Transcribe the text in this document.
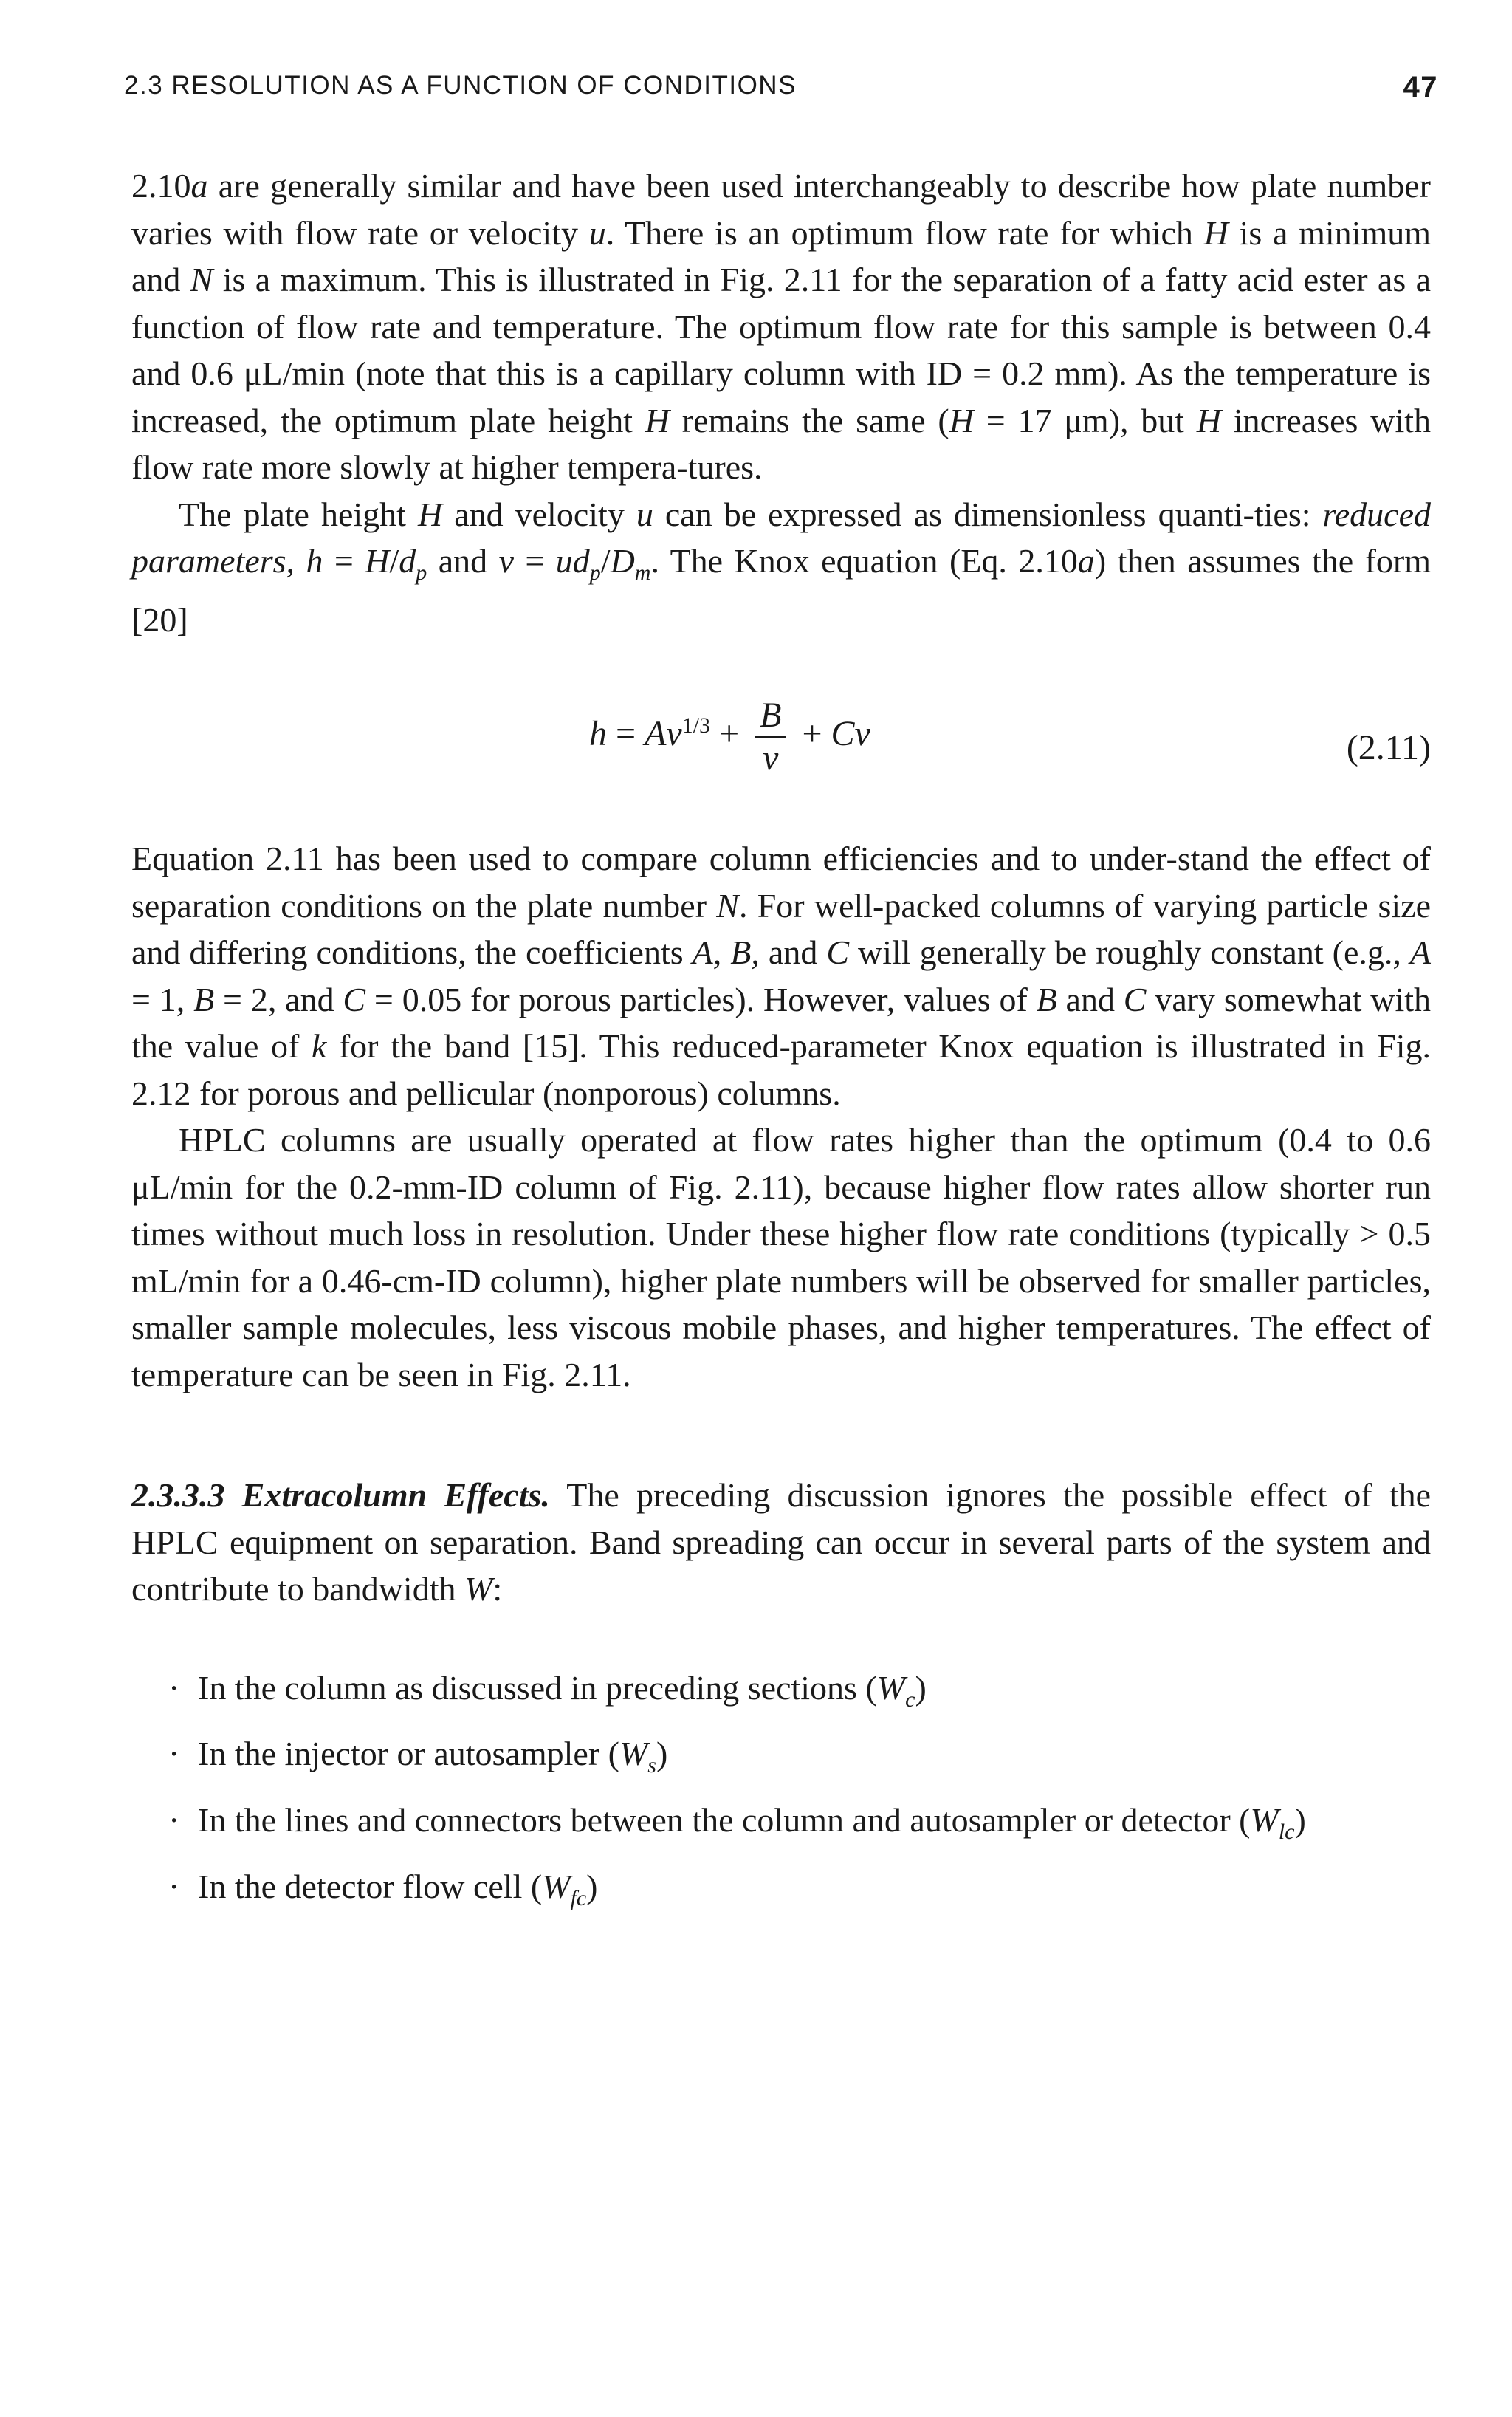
2.3 RESOLUTION AS A FUNCTION OF CONDITIONS	47

2.10a are generally similar and have been used interchangeably to describe how plate number varies with flow rate or velocity u. There is an optimum flow rate for which H is a minimum and N is a maximum. This is illustrated in Fig. 2.11 for the separation of a fatty acid ester as a function of flow rate and temperature. The optimum flow rate for this sample is between 0.4 and 0.6 μL/min (note that this is a capillary column with ID = 0.2 mm). As the temperature is increased, the optimum plate height H remains the same (H = 17 μm), but H increases with flow rate more slowly at higher tempera-tures.

The plate height H and velocity u can be expressed as dimensionless quanti-ties: reduced parameters, $h = H/d_p$ and $\nu = ud_p/D_m$. The Knox equation (Eq. 2.10a) then assumes the form [20]

$h = A\nu^{1/3} + \frac{B}{\nu} + C\nu$	(2.11)

Equation 2.11 has been used to compare column efficiencies and to under-stand the effect of separation conditions on the plate number N. For well-packed columns of varying particle size and differing conditions, the coefficients A, B, and C will generally be roughly constant (e.g., A = 1, B = 2, and C = 0.05 for porous particles). However, values of B and C vary somewhat with the value of k for the band [15]. This reduced-parameter Knox equation is illustrated in Fig. 2.12 for porous and pellicular (nonporous) columns.

HPLC columns are usually operated at flow rates higher than the optimum (0.4 to 0.6 μL/min for the 0.2-mm-ID column of Fig. 2.11), because higher flow rates allow shorter run times without much loss in resolution. Under these higher flow rate conditions (typically > 0.5 mL/min for a 0.46-cm-ID column), higher plate numbers will be observed for smaller particles, smaller sample molecules, less viscous mobile phases, and higher temperatures. The effect of temperature can be seen in Fig. 2.11.

2.3.3.3 Extracolumn Effects. The preceding discussion ignores the possible effect of the HPLC equipment on separation. Band spreading can occur in several parts of the system and contribute to bandwidth W:

· In the column as discussed in preceding sections $(W_c)$
· In the injector or autosampler $(W_s)$
· In the lines and connectors between the column and autosampler or detector $(W_{lc})$
· In the detector flow cell $(W_{fc})$
